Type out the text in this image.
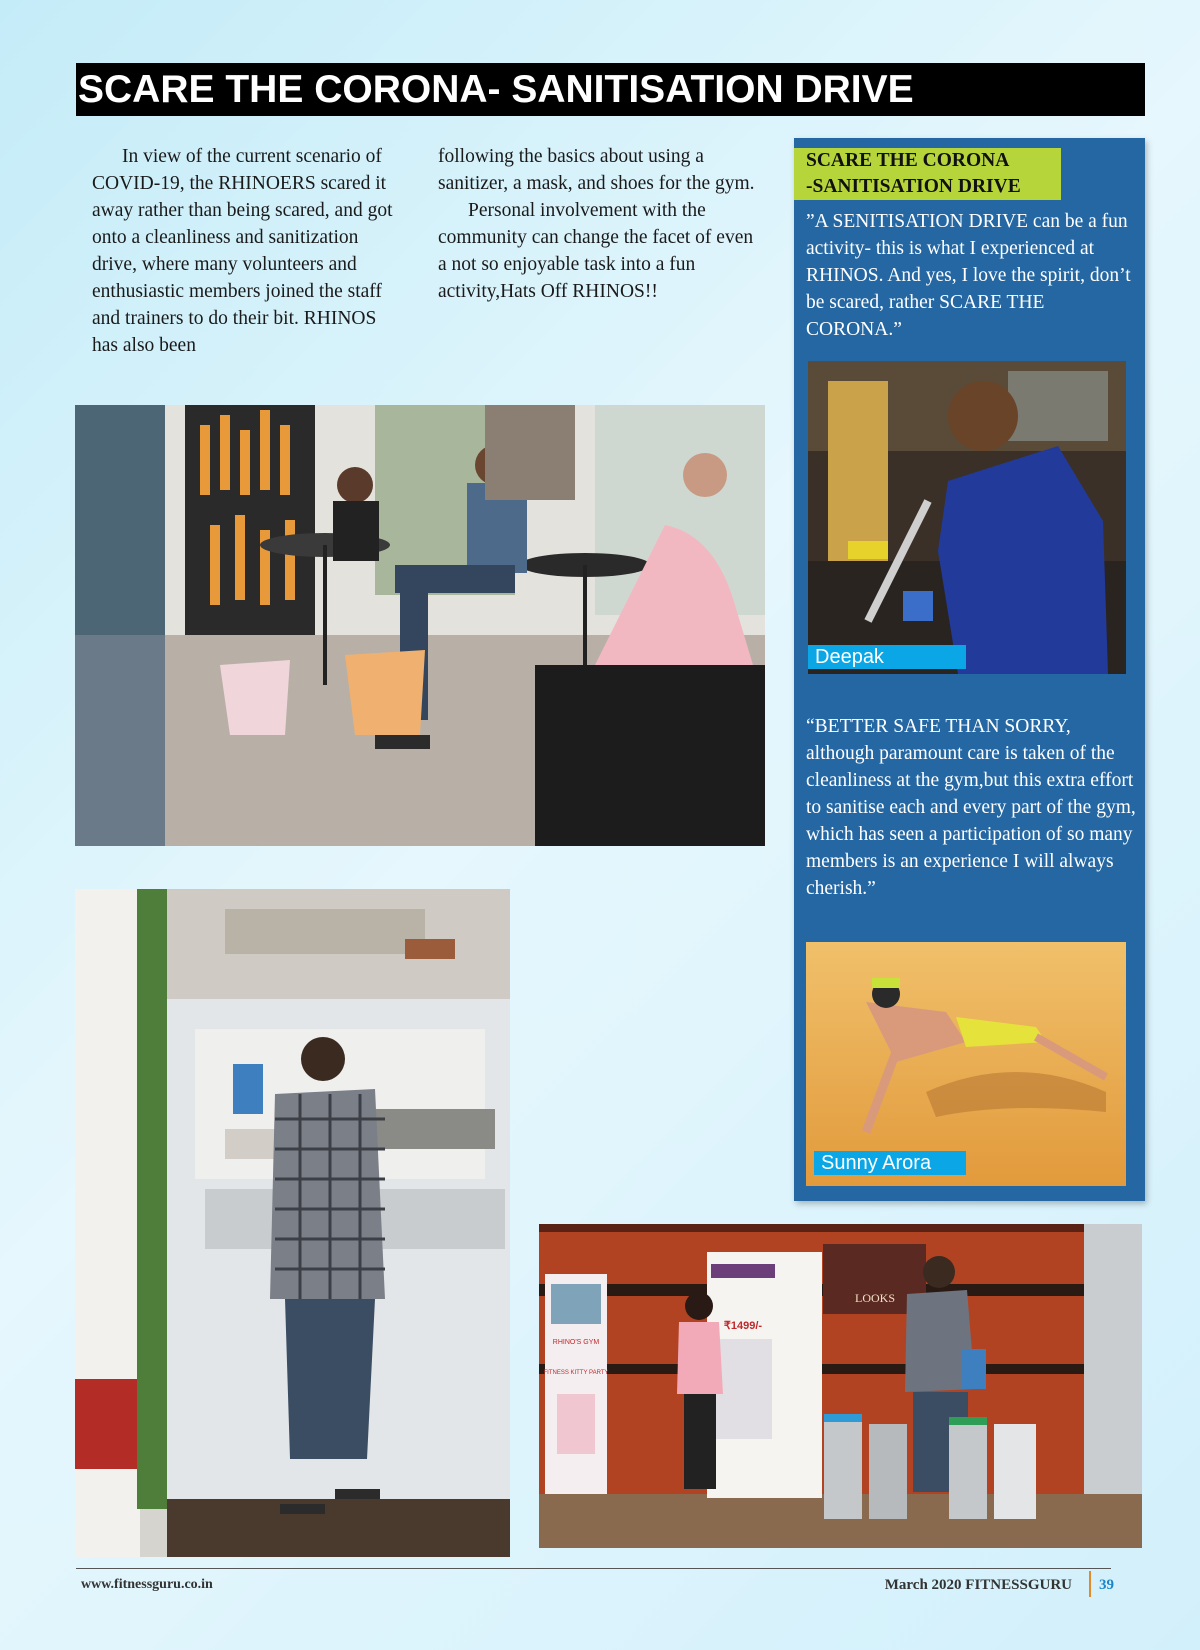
SCARE THE CORONA- SANITISATION DRIVE

In view of the current scenario of COVID-19, the RHINOERS scared it away rather than being scared, and got onto a cleanliness and sanitization drive, where many volunteers and enthusiastic members joined the staff and trainers to do their bit. RHINOS has also been

following the basics about using a sanitizer, a mask, and shoes for the gym.

Personal involvement with the community can change the facet of even a not so enjoyable task into a fun activity,Hats Off RHINOS!!

RHINO'S GYM
FITNESS KITTY PARTY
₹1499/-
LOOKS
SCARE THE CORONA
-SANITISATION DRIVE
”A SENITISATION DRIVE can be a fun activity- this is what I experienced at RHINOS. And yes, I love the spirit, don’t be scared, rather SCARE THE CORONA.”
Deepak
“BETTER SAFE THAN SORRY, although paramount care is taken of the cleanliness at the gym,but this extra effort to sanitise each and every part of the gym, which has seen a participation of so many members is an experience I will always cherish.”
Sunny Arora
www.fitnessguru.co.in	March 2020 FITNESSGURU 39
